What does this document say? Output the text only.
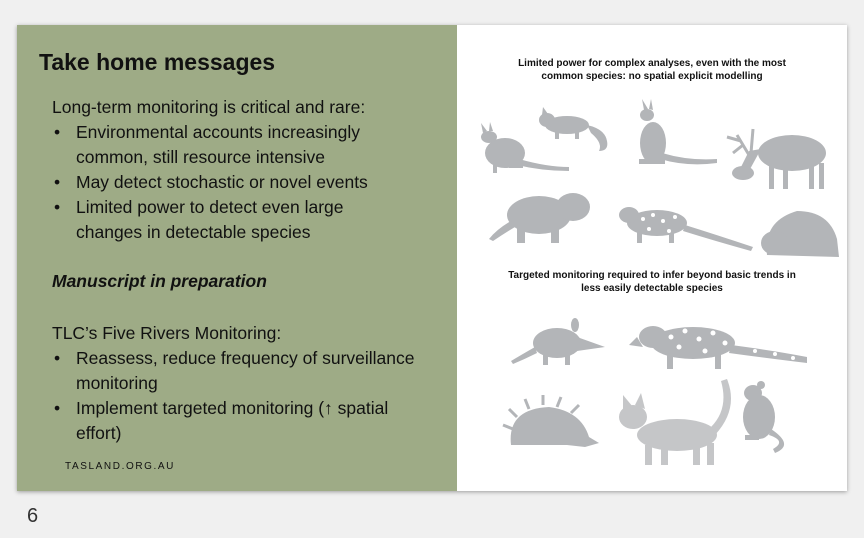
Take home messages
Long-term monitoring is critical and rare:
• Environmental accounts increasingly
common, still resource intensive
• May detect stochastic or novel events
• Limited power to detect even large
changes in detectable species
Manuscript in preparation
TLC’s Five Rivers Monitoring:
• Reassess, reduce frequency of surveillance
monitoring
• Implement targeted monitoring (↑ spatial
effort)
TASLAND.ORG.AU
Limited power for complex analyses, even with the most
common species: no spatial explicit modelling
Targeted monitoring required to infer beyond basic trends in
less easily detectable species
6
